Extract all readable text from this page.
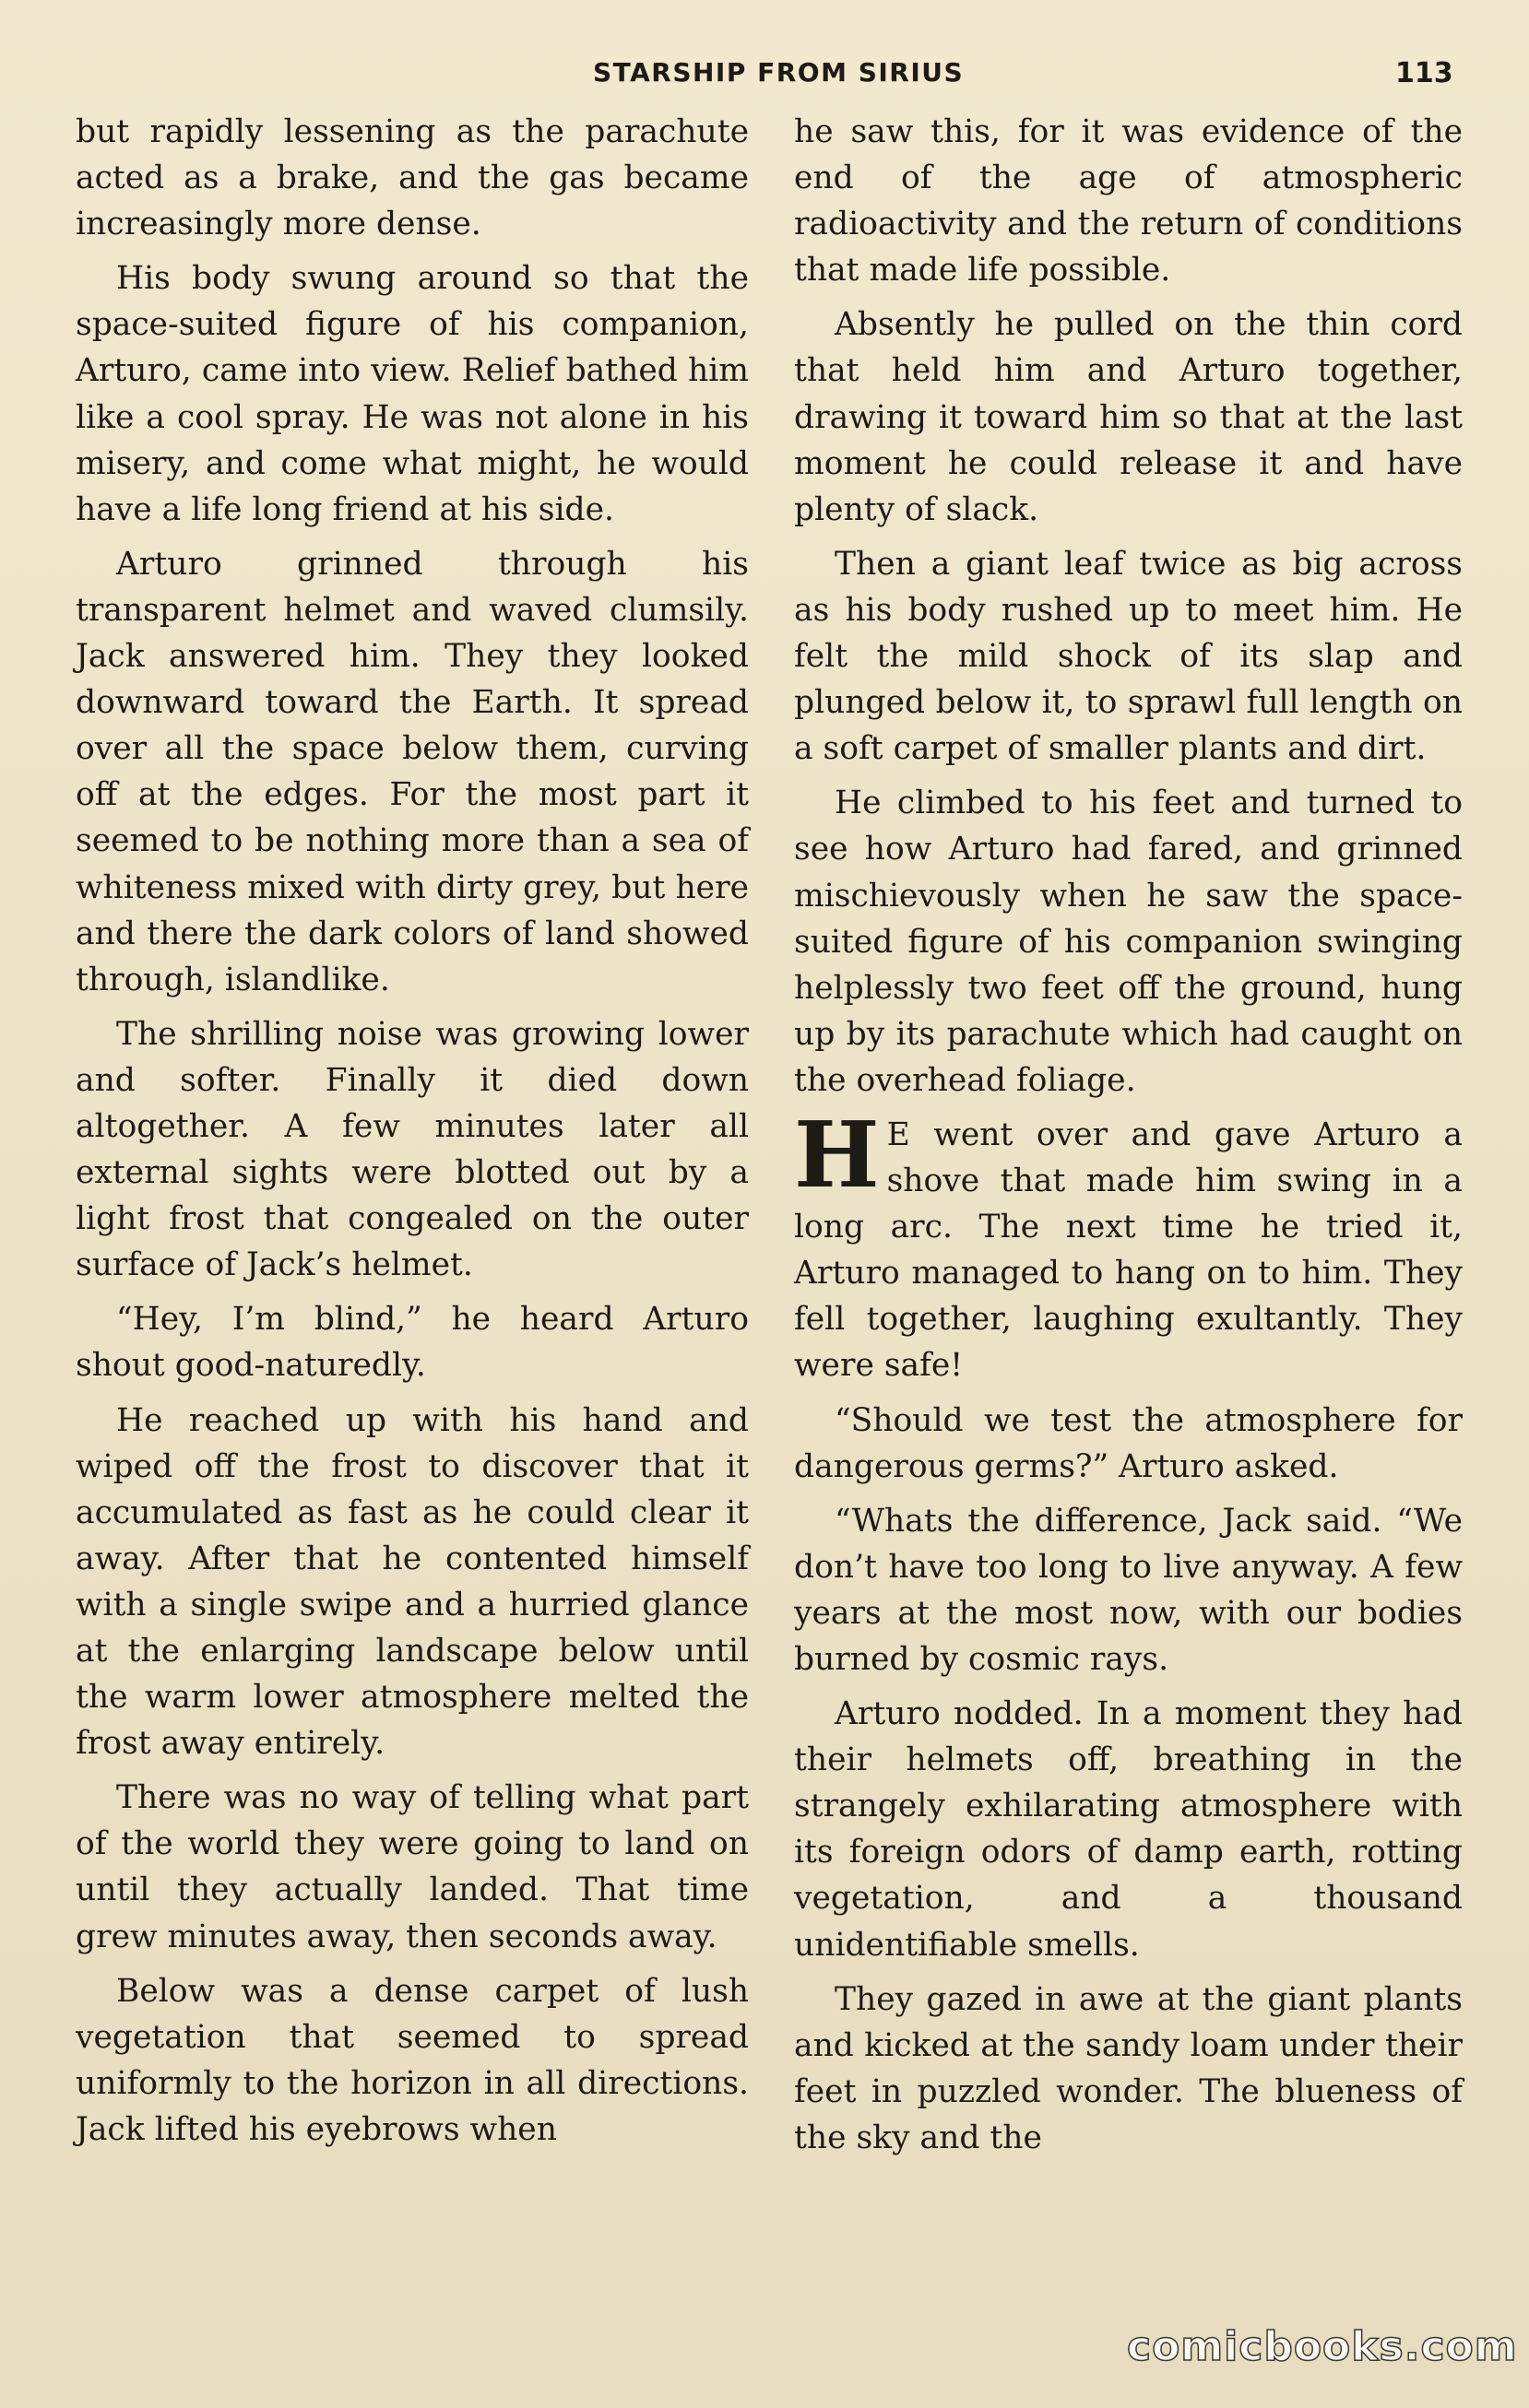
STARSHIP FROM SIRIUS	113

but rapidly lessening as the parachute acted as a brake, and the gas became increasingly more dense.

His body swung around so that the space-suited figure of his companion, Arturo, came into view. Relief bathed him like a cool spray. He was not alone in his misery, and come what might, he would have a life long friend at his side.

Arturo grinned through his transparent helmet and waved clumsily. Jack answered him. They they looked downward toward the Earth. It spread over all the space below them, curving off at the edges. For the most part it seemed to be nothing more than a sea of whiteness mixed with dirty grey, but here and there the dark colors of land showed through, islandlike.

The shrilling noise was growing lower and softer. Finally it died down altogether. A few minutes later all external sights were blotted out by a light frost that congealed on the outer surface of Jack’s helmet.

“Hey, I’m blind,” he heard Arturo shout good-naturedly.

He reached up with his hand and wiped off the frost to discover that it accumulated as fast as he could clear it away. After that he contented himself with a single swipe and a hurried glance at the enlarging landscape below until the warm lower atmosphere melted the frost away entirely.

There was no way of telling what part of the world they were going to land on until they actually landed. That time grew minutes away, then seconds away.

Below was a dense carpet of lush vegetation that seemed to spread uniformly to the horizon in all directions. Jack lifted his eyebrows when

he saw this, for it was evidence of the end of the age of atmospheric radioactivity and the return of conditions that made life possible.

Absently he pulled on the thin cord that held him and Arturo together, drawing it toward him so that at the last moment he could release it and have plenty of slack.

Then a giant leaf twice as big across as his body rushed up to meet him. He felt the mild shock of its slap and plunged below it, to sprawl full length on a soft carpet of smaller plants and dirt.

He climbed to his feet and turned to see how Arturo had fared, and grinned mischievously when he saw the space-suited figure of his companion swinging helplessly two feet off the ground, hung up by its parachute which had caught on the overhead foliage.

H E went over and gave Arturo a shove that made him swing in a long arc. The next time he tried it, Arturo managed to hang on to him. They fell together, laughing exultantly. They were safe!

“Should we test the atmosphere for dangerous germs?” Arturo asked.

“Whats the difference, Jack said. “We don’t have too long to live anyway. A few years at the most now, with our bodies burned by cosmic rays.

Arturo nodded. In a moment they had their helmets off, breathing in the strangely exhilarating atmosphere with its foreign odors of damp earth, rotting vegetation, and a thousand unidentifiable smells.

They gazed in awe at the giant plants and kicked at the sandy loam under their feet in puzzled wonder. The blueness of the sky and the

comicbooks.com
